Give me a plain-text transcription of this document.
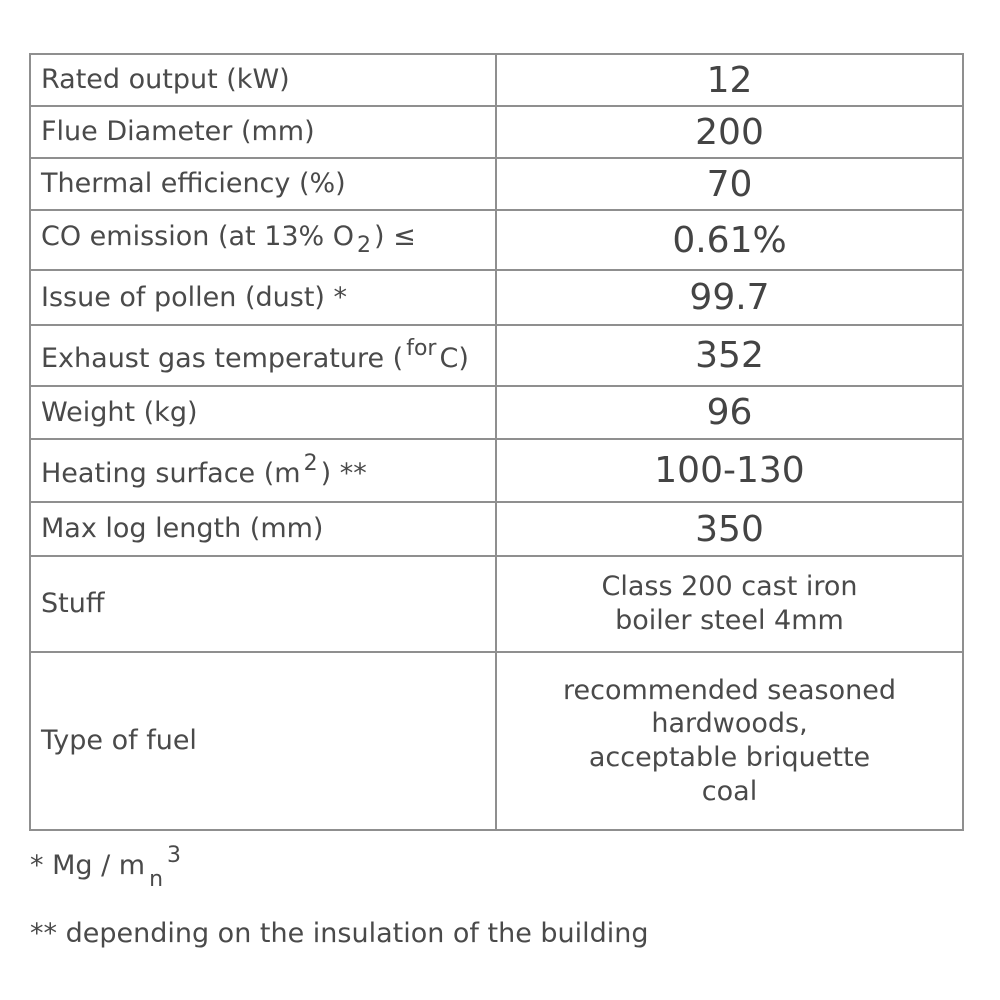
Rated output (kW)	12
Flue Diameter (mm)	200
Thermal efficiency (%)	70
CO emission (at 13% O $_2$ ) ≤	0.61%
Issue of pollen (dust) *	99.7
Exhaust gas temperature ( $^{for}$ C)	352
Weight (kg)	96
Heating surface (m $^2$ ) **	100-130
Max log length (mm)	350
Stuff	Class 200 cast iron
boiler steel 4mm

Type of fuel	recommended seasoned
hardwoods,
acceptable briquette
coal
* Mg / m $_n^3$
** depending on the insulation of the building
